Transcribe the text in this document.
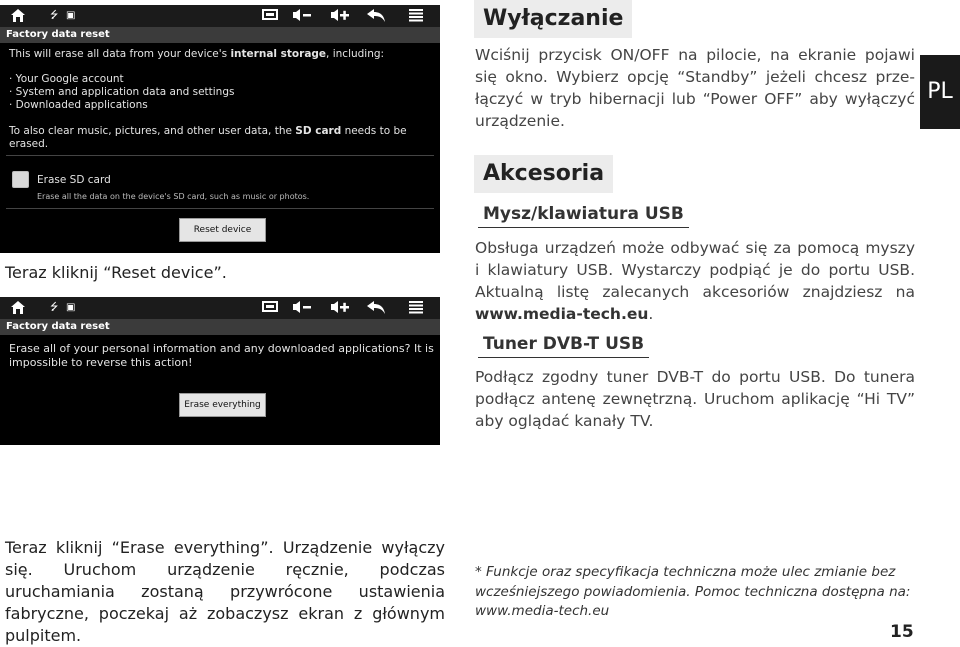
⭍ ▣
Factory data reset
This will erase all data from your device's internal storage, including:
· Your Google account
· System and application data and settings
· Downloaded applications
To also clear music, pictures, and other user data, the SD card needs to be erased.
Erase SD card
Erase all the data on the device's SD card, such as music or photos.
Reset device
Teraz kliknij “Reset device”.
⭍ ▣
Factory data reset
Erase all of your personal information and any downloaded applications? It is impossible to reverse this action!
Erase everything
Teraz kliknij “Erase everything”. Urządzenie wyłączy się. Uruchom urządzenie ręcznie, podczas uruchamiania zostaną przywrócone ustawienia fabryczne, poczekaj aż zobaczysz ekran z głównym pulpitem.
Wyłączanie
Wciśnij przycisk ON/OFF na pilocie, na ekranie pojawi się okno. Wybierz opcję “Standby” jeżeli chcesz prze-łączyć w tryb hibernacji lub “Power OFF” aby wyłączyć urządzenie.
PL
Akcesoria
Mysz/klawiatura USB
Obsługa urządzeń może odbywać się za pomocą myszy i klawiatury USB. Wystarczy podpiąć je do portu USB. Aktualną listę zalecanych akcesoriów znajdziesz na www.media-tech.eu.
Tuner DVB-T USB
Podłącz zgodny tuner DVB-T do portu USB. Do tunera podłącz antenę zewnętrzną. Uruchom aplikację “Hi TV” aby oglądać kanały TV.
* Funkcje oraz specyfikacja techniczna może ulec zmianie bez wcześniejszego powiadomienia. Pomoc techniczna dostępna na: www.media-tech.eu
15
